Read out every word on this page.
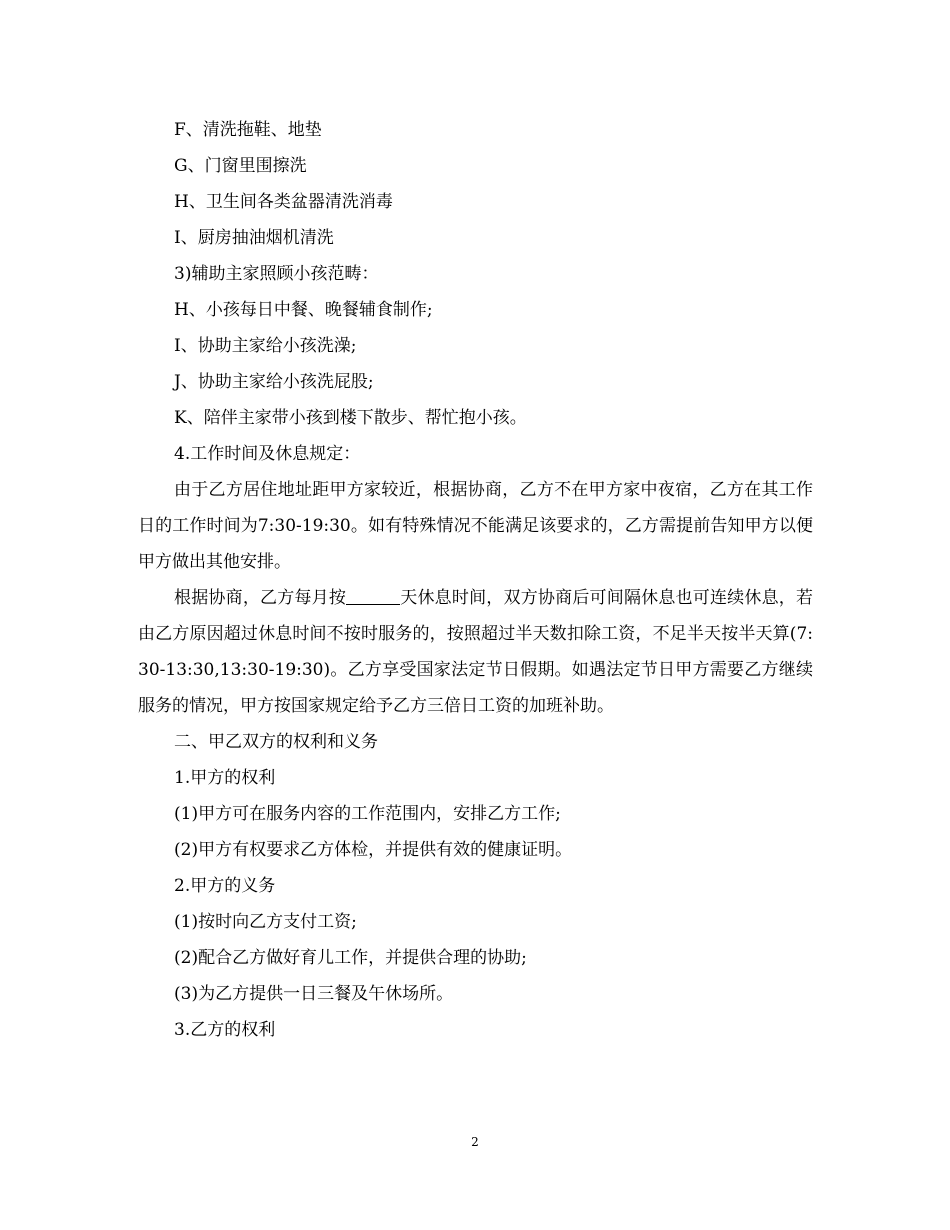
F、清洗拖鞋、地垫

G、门窗里围擦洗

H、卫生间各类盆器清洗消毒

I、厨房抽油烟机清洗

3)辅助主家照顾小孩范畴：

H、小孩每日中餐、晚餐辅食制作;

I、协助主家给小孩洗澡;

J、协助主家给小孩洗屁股;

K、陪伴主家带小孩到楼下散步、帮忙抱小孩。

4.工作时间及休息规定：

由于乙方居住地址距甲方家较近，根据协商，乙方不在甲方家中夜宿，乙方在其工作日的工作时间为7:30-19:30。如有特殊情况不能满足该要求的，乙方需提前告知甲方以便甲方做出其他安排。

根据协商，乙方每月按	天休息时间，双方协商后可间隔休息也可连续休息，若由乙方原因超过休息时间不按时服务的，按照超过半天数扣除工资，不足半天按半天算(7:30-13:30,13:30-19:30)。乙方享受国家法定节日假期。如遇法定节日甲方需要乙方继续服务的情况，甲方按国家规定给予乙方三倍日工资的加班补助。

二、甲乙双方的权利和义务

1.甲方的权利

(1)甲方可在服务内容的工作范围内，安排乙方工作;

(2)甲方有权要求乙方体检，并提供有效的健康证明。

2.甲方的义务

(1)按时向乙方支付工资;

(2)配合乙方做好育儿工作，并提供合理的协助;

(3)为乙方提供一日三餐及午休场所。

3.乙方的权利

2
